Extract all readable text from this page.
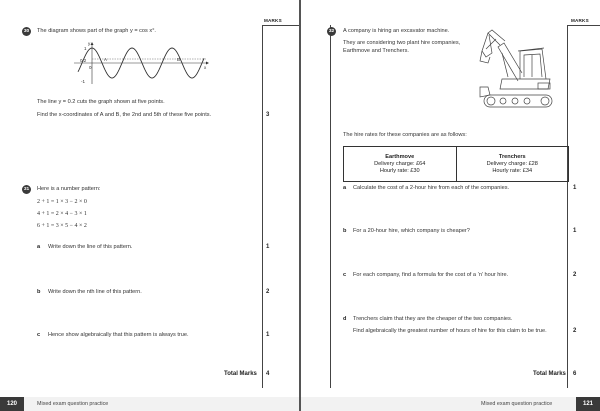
MARKS
30	The diagram shows part of the graph y = cos x°.
y
1
0.2
0
-1
A	B
x
The line y = 0.2 cuts the graph shown at five points.
Find the x-coordinates of A and B, the 2nd and 5th of these five points.	3
31	Here is a number pattern:
2 + 1 = 1 × 3 − 2 × 0
4 + 1 = 2 × 4 − 3 × 1
6 + 1 = 3 × 5 − 4 × 2
a Write down the line of this pattern.	1
b Write down the nth line of this pattern.	2
c Hence show algebraically that this pattern is always true.	1
Total Marks 4
120	Mixed exam question practice
MARKS
32	A company is hiring an excavator machine.
They are considering two plant hire companies,
Earthmove and Trenchers.
The hire rates for these companies are as follows:
Earthmove
Delivery charge: £64
Hourly rate: £30
Trenchers
Delivery charge: £28
Hourly rate: £34
a Calculate the cost of a 2-hour hire from each of the companies.	1
b For a 20-hour hire, which company is cheaper?	1
c For each company, find a formula for the cost of a ‘n’ hour hire.	2
d Trenchers claim that they are the cheaper of the two companies.
Find algebraically the greatest number of hours of hire for this claim to be true.	2
Total Marks 6
Mixed exam question practice	121
